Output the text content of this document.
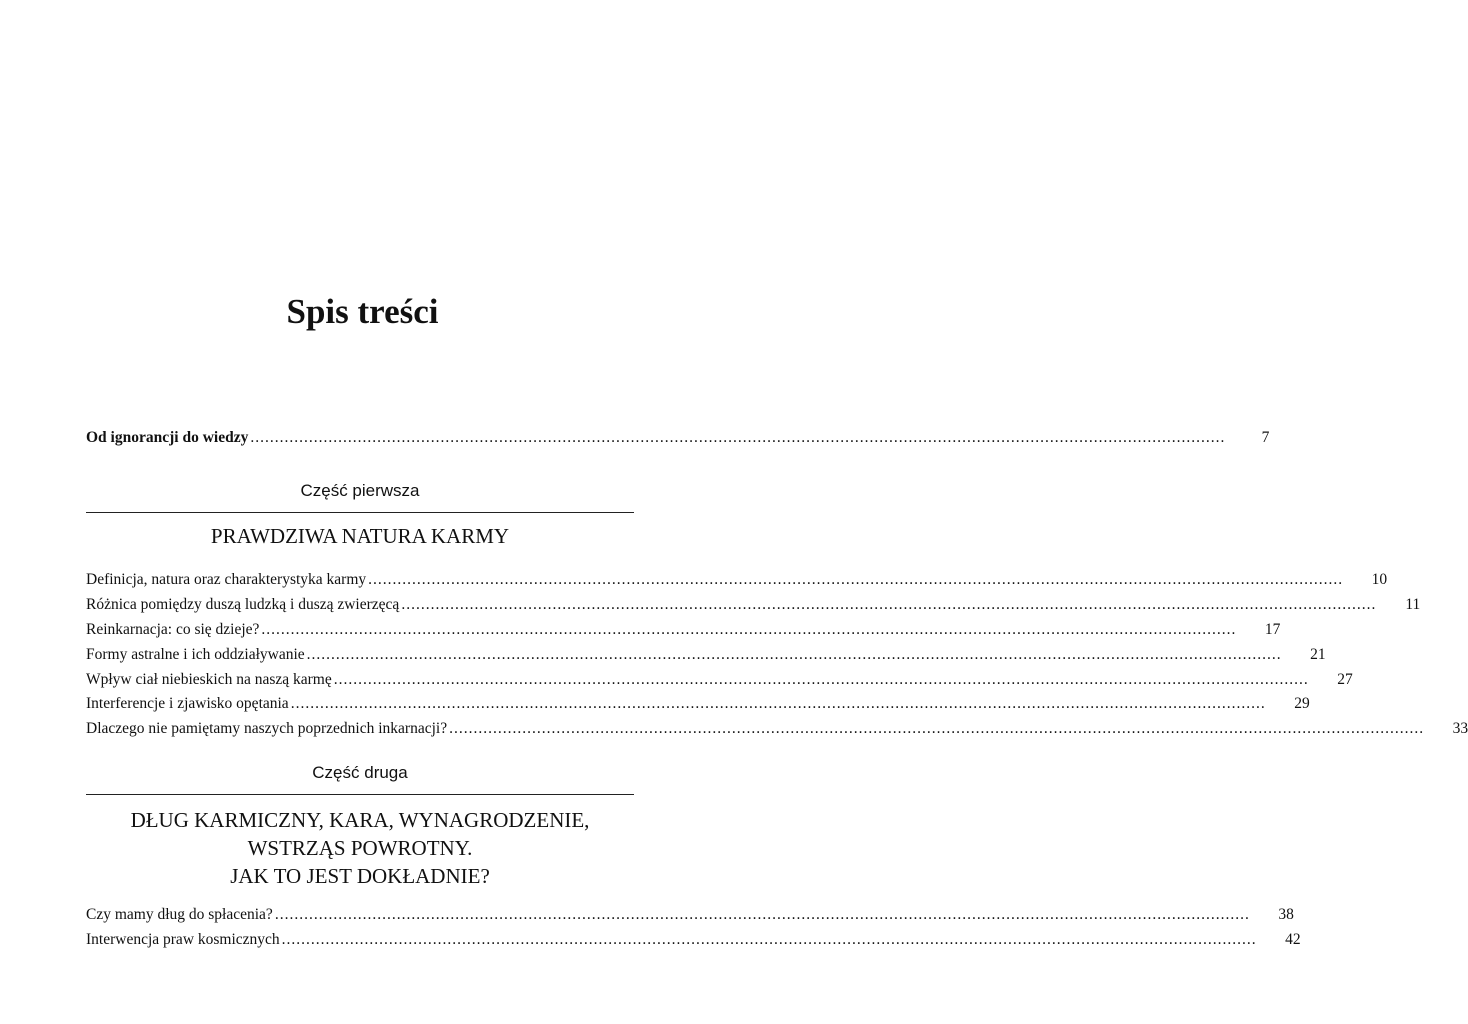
Spis treści
Od ignorancji do wiedzy ........................................................................................................................................................................................................	7
Część pierwsza
PRAWDZIWA NATURA KARMY
Definicja, natura oraz charakterystyka karmy ........................................................................................................................................................................................................	10
Różnica pomiędzy duszą ludzką i duszą zwierzęcą ........................................................................................................................................................................................................	11
Reinkarnacja: co się dzieje? ........................................................................................................................................................................................................	17
Formy astralne i ich oddziaływanie ........................................................................................................................................................................................................	21
Wpływ ciał niebieskich na naszą karmę ........................................................................................................................................................................................................	27
Interferencje i zjawisko opętania ........................................................................................................................................................................................................	29
Dlaczego nie pamiętamy naszych poprzednich inkarnacji? ........................................................................................................................................................................................................	33
Część druga
DŁUG KARMICZNY, KARA, WYNAGRODZENIE,
WSTRZĄS POWROTNY.
JAK TO JEST DOKŁADNIE?
Czy mamy dług do spłacenia? ........................................................................................................................................................................................................	38
Interwencja praw kosmicznych ........................................................................................................................................................................................................	42
